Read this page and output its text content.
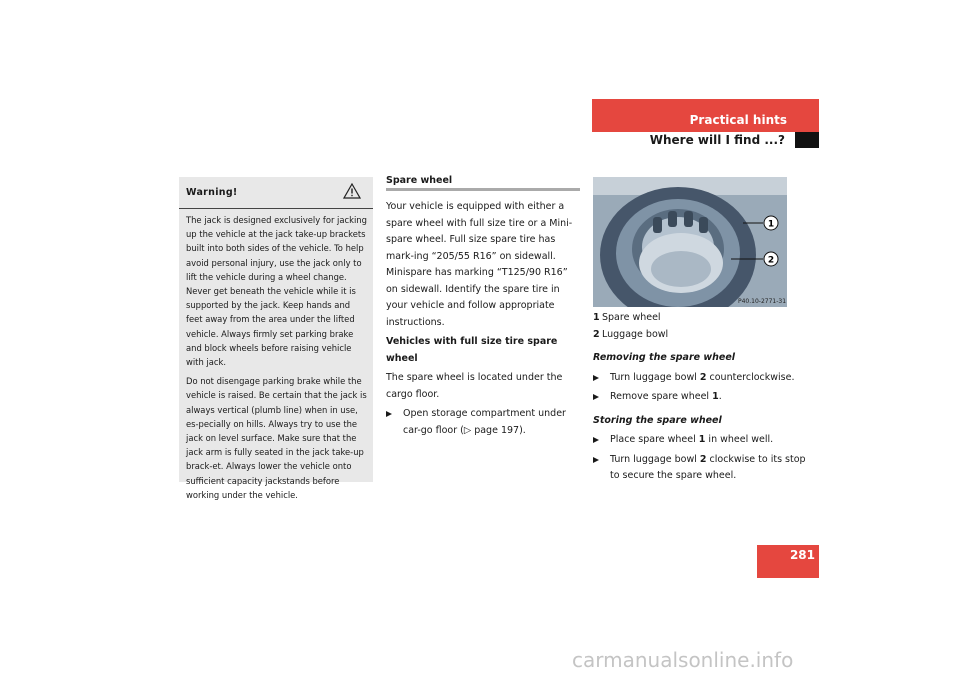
Practical hints
Where will I find ...?
Warning!

The jack is designed exclusively for jacking up the vehicle at the jack take-up brackets built into both sides of the vehicle. To help avoid personal injury, use the jack only to lift the vehicle during a wheel change. Never get beneath the vehicle while it is supported by the jack. Keep hands and feet away from the area under the lifted vehicle. Always firmly set parking brake and block wheels before raising vehicle with jack.

Do not disengage parking brake while the vehicle is raised. Be certain that the jack is always vertical (plumb line) when in use, es-pecially on hills. Always try to use the jack on level surface. Make sure that the jack arm is fully seated in the jack take-up brack-et. Always lower the vehicle onto sufficient capacity jackstands before working under the vehicle.

Spare wheel

Your vehicle is equipped with either a spare wheel with full size tire or a Mini-spare wheel. Full size spare tire has mark-ing “205/55 R16” on sidewall. Minispare has marking “T125/90 R16” on sidewall. Identify the spare tire in your vehicle and follow appropriate instructions.

Vehicles with full size tire spare wheel

The spare wheel is located under the cargo floor.

Open storage compartment under car-go floor (▷ page 197).
1
2
P40.10-2771-31
1 Spare wheel
2 Luggage bowl
Removing the spare wheel
Turn luggage bowl 2 counterclockwise.
Remove spare wheel 1.
Storing the spare wheel
Place spare wheel 1 in wheel well.
Turn luggage bowl 2 clockwise to its stop to secure the spare wheel.
281
carmanualsonline.info
